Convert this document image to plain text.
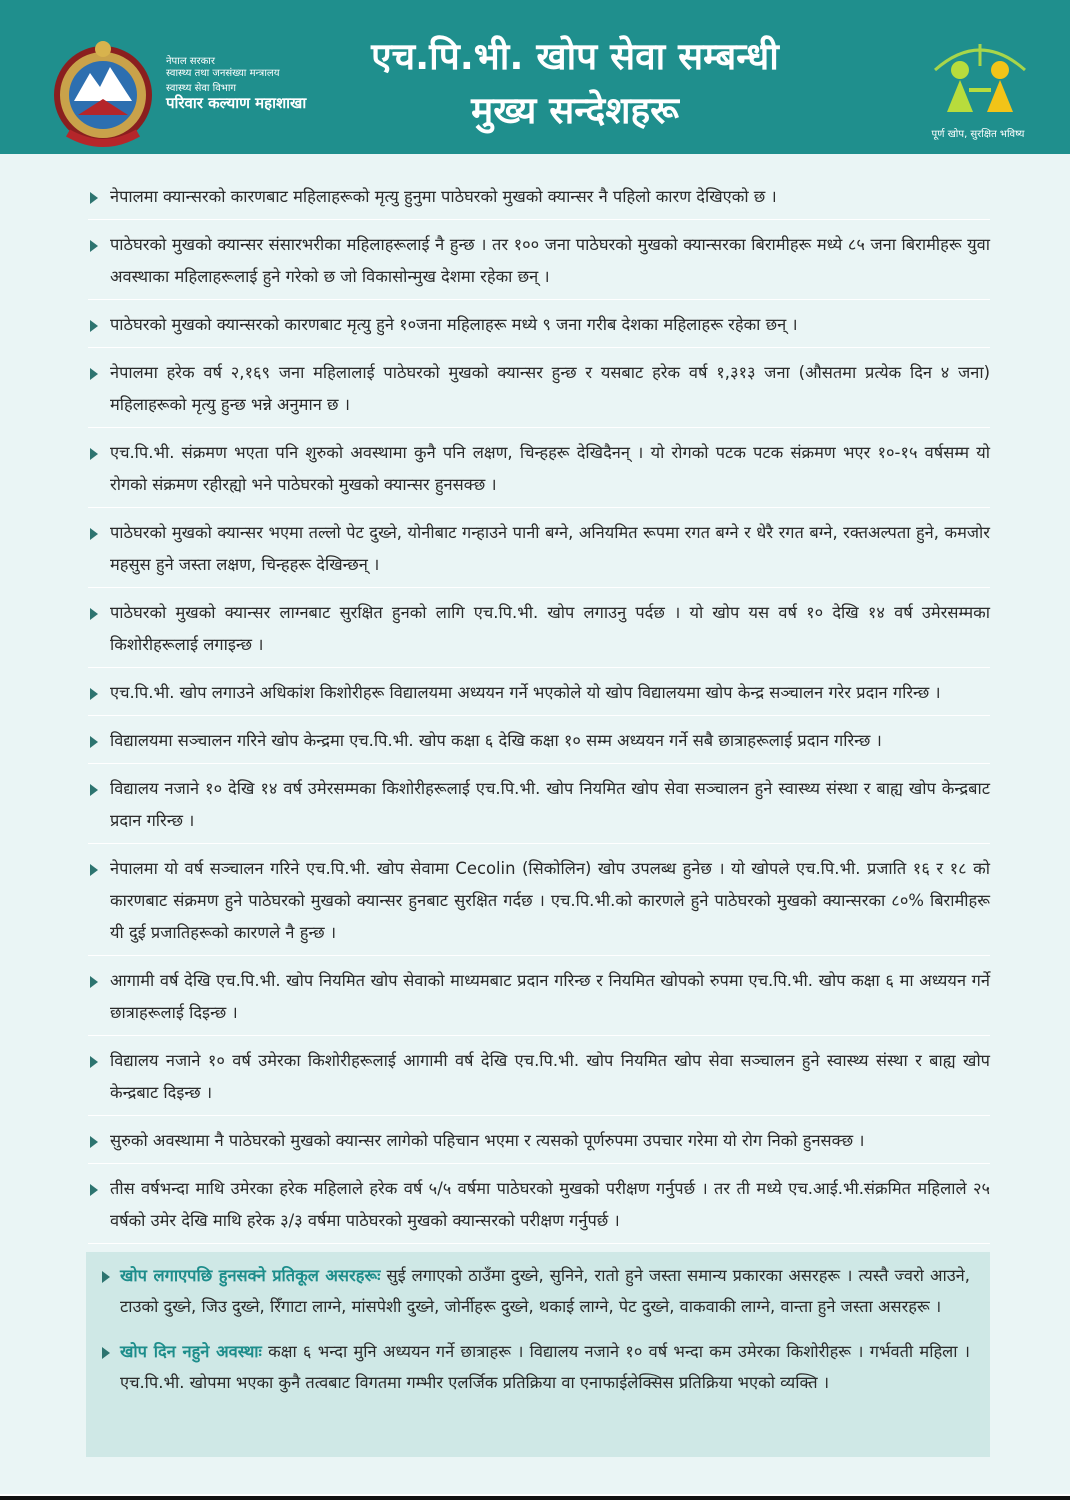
नेपाल सरकार
स्वास्थ्य तथा जनसंख्या मन्त्रालय
स्वास्थ्य सेवा विभाग
परिवार कल्याण महाशाखा
एच.पि.भी. खोप सेवा सम्बन्धी
मुख्य सन्देशहरू
पूर्ण खोप, सुरक्षित भविष्य
नेपालमा क्यान्सरको कारणबाट महिलाहरूको मृत्यु हुनुमा पाठेघरको मुखको क्यान्सर नै पहिलो कारण देखिएको छ ।
पाठेघरको मुखको क्यान्सर संसारभरीका महिलाहरूलाई नै हुन्छ । तर १०० जना पाठेघरको मुखको क्यान्सरका बिरामीहरू मध्ये ८५ जना बिरामीहरू युवा अवस्थाका महिलाहरूलाई हुने गरेको छ जो विकासोन्मुख देशमा रहेका छन् ।
पाठेघरको मुखको क्यान्सरको कारणबाट मृत्यु हुने १०जना महिलाहरू मध्ये ९ जना गरीब देशका महिलाहरू रहेका छन् ।
नेपालमा हरेक वर्ष २,१६९ जना महिलालाई पाठेघरको मुखको क्यान्सर हुन्छ र यसबाट हरेक वर्ष १,३१३ जना (औसतमा प्रत्येक दिन ४ जना) महिलाहरूको मृत्यु हुन्छ भन्ने अनुमान छ ।
एच.पि.भी. संक्रमण भएता पनि शुरुको अवस्थामा कुनै पनि लक्षण, चिन्हहरू देखिदैनन् । यो रोगको पटक पटक संक्रमण भएर १०-१५ वर्षसम्म यो रोगको संक्रमण रहीरह्यो भने पाठेघरको मुखको क्यान्सर हुनसक्छ ।
पाठेघरको मुखको क्यान्सर भएमा तल्लो पेट दुख्ने, योनीबाट गन्हाउने पानी बग्ने, अनियमित रूपमा रगत बग्ने र धेरै रगत बग्ने, रक्तअल्पता हुने, कमजोर महसुस हुने जस्ता लक्षण, चिन्हहरू देखिन्छन् ।
पाठेघरको मुखको क्यान्सर लाग्नबाट सुरक्षित हुनको लागि एच.पि.भी. खोप लगाउनु पर्दछ । यो खोप यस वर्ष १० देखि १४ वर्ष उमेरसम्मका किशोरीहरूलाई लगाइन्छ ।
एच.पि.भी. खोप लगाउने अधिकांश किशोरीहरू विद्यालयमा अध्ययन गर्ने भएकोले यो खोप विद्यालयमा खोप केन्द्र सञ्चालन गरेर प्रदान गरिन्छ ।
विद्यालयमा सञ्चालन गरिने खोप केन्द्रमा एच.पि.भी. खोप कक्षा ६ देखि कक्षा १० सम्म अध्ययन गर्ने सबै छात्राहरूलाई प्रदान गरिन्छ ।
विद्यालय नजाने १० देखि १४ वर्ष उमेरसम्मका किशोरीहरूलाई एच.पि.भी. खोप नियमित खोप सेवा सञ्चालन हुने स्वास्थ्य संस्था र बाह्य खोप केन्द्रबाट प्रदान गरिन्छ ।
नेपालमा यो वर्ष सञ्चालन गरिने एच.पि.भी. खोप सेवामा Cecolin (सिकोलिन) खोप उपलब्ध हुनेछ । यो खोपले एच.पि.भी. प्रजाति १६ र १८ को कारणबाट संक्रमण हुने पाठेघरको मुखको क्यान्सर हुनबाट सुरक्षित गर्दछ । एच.पि.भी.को कारणले हुने पाठेघरको मुखको क्यान्सरका ८०% बिरामीहरू यी दुई प्रजातिहरूको कारणले नै हुन्छ ।
आगामी वर्ष देखि एच.पि.भी. खोप नियमित खोप सेवाको माध्यमबाट प्रदान गरिन्छ र नियमित खोपको रुपमा एच.पि.भी. खोप कक्षा ६ मा अध्ययन गर्ने छात्राहरूलाई दिइन्छ ।
विद्यालय नजाने १० वर्ष उमेरका किशोरीहरूलाई आगामी वर्ष देखि एच.पि.भी. खोप नियमित खोप सेवा सञ्चालन हुने स्वास्थ्य संस्था र बाह्य खोप केन्द्रबाट दिइन्छ ।
सुरुको अवस्थामा नै पाठेघरको मुखको क्यान्सर लागेको पहिचान भएमा र त्यसको पूर्णरुपमा उपचार गरेमा यो रोग निको हुनसक्छ ।
तीस वर्षभन्दा माथि उमेरका हरेक महिलाले हरेक वर्ष ५/५ वर्षमा पाठेघरको मुखको परीक्षण गर्नुपर्छ । तर ती मध्ये एच.आई.भी.संक्रमित महिलाले २५ वर्षको उमेर देखि माथि हरेक ३/३ वर्षमा पाठेघरको मुखको क्यान्सरको परीक्षण गर्नुपर्छ ।
खोप लगाएपछि हुनसक्ने प्रतिकूल असरहरूः सुई लगाएको ठाउँमा दुख्ने, सुनिने, रातो हुने जस्ता समान्य प्रकारका असरहरू । त्यस्तै ज्वरो आउने, टाउको दुख्ने, जिउ दुख्ने, रिँगाटा लाग्ने, मांसपेशी दुख्ने, जोर्नीहरू दुख्ने, थकाई लाग्ने, पेट दुख्ने, वाकवाकी लाग्ने, वान्ता हुने जस्ता असरहरू ।
खोप दिन नहुने अवस्थाः कक्षा ६ भन्दा मुनि अध्ययन गर्ने छात्राहरू । विद्यालय नजाने १० वर्ष भन्दा कम उमेरका किशोरीहरू । गर्भवती महिला । एच.पि.भी. खोपमा भएका कुनै तत्वबाट विगतमा गम्भीर एलर्जिक प्रतिक्रिया वा एनाफाईलेक्सिस प्रतिक्रिया भएको व्यक्ति ।
